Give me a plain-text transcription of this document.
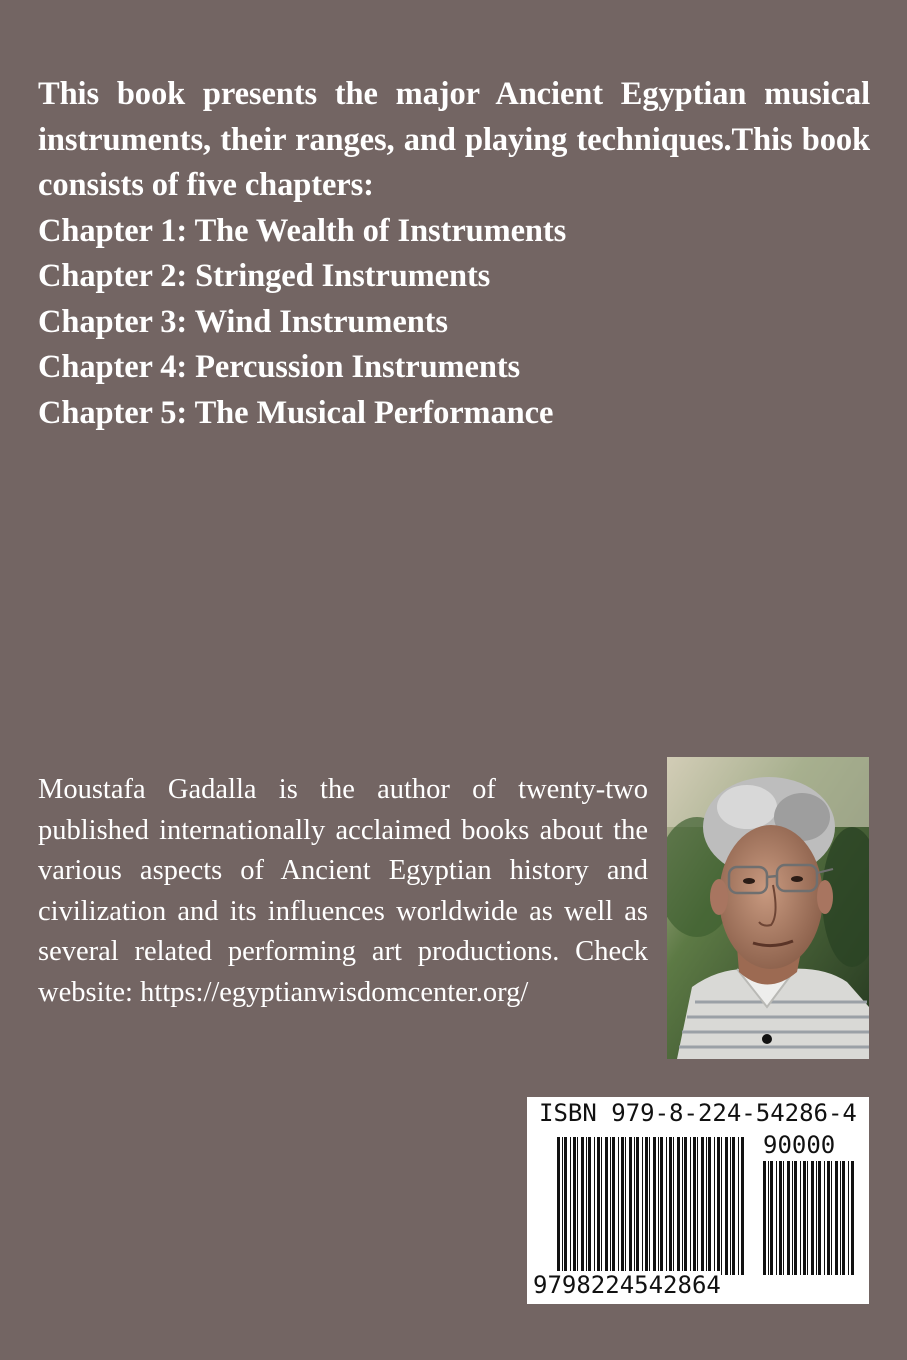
This book presents the major Ancient Egyptian musical instruments, their ranges, and playing techniques.This book consists of five chapters:
Chapter 1: The Wealth of Instruments
Chapter 2: Stringed Instruments
Chapter 3: Wind Instruments
Chapter 4: Percussion Instruments
Chapter 5: The Musical Performance
Moustafa Gadalla is the author of twenty-two published internationally acclaimed books about the various aspects of Ancient Egyptian history and civilization and its influences worldwide as well as several related performing art productions. Check website: https://egyptianwisdomcenter.org/
ISBN 979-8-224-54286-4
90000
9798224542864
